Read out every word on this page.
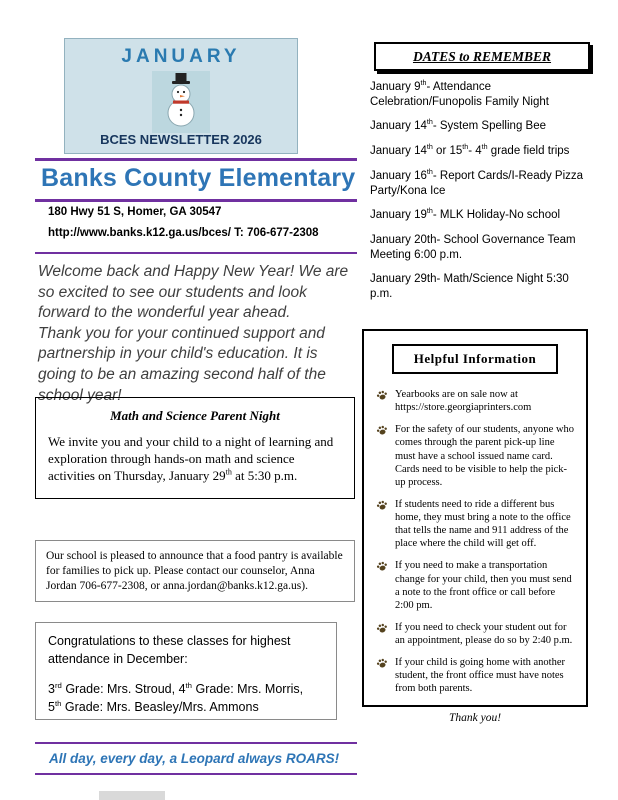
JANUARY
BCES NEWSLETTER 2026
Banks County Elementary
180 Hwy 51 S, Homer, GA 30547
http://www.banks.k12.ga.us/bces/ T: 706-677-2308

Welcome back and Happy New Year! We are so excited to see our students and look forward to the wonderful year ahead.

Thank you for your continued support and partnership in your child's education. It is going to be an amazing second half of the school year!

Math and Science Parent Night
We invite you and your child to a night of learning and exploration through hands-on math and science activities on Thursday, January 29th at 5:30 p.m.
Our school is pleased to announce that a food pantry is available for families to pick up. Please contact our counselor, Anna Jordan 706-677-2308, or anna.jordan@banks.k12.ga.us).
Congratulations to these classes for highest attendance in December:
3rd Grade: Mrs. Stroud, 4th Grade: Mrs. Morris,
5th Grade: Mrs. Beasley/Mrs. Ammons
All day, every day, a Leopard always ROARS!
DATES to REMEMBER
January 9th- Attendance Celebration/Funopolis Family Night
January 14th- System Spelling Bee
January 14th or 15th- 4th grade field trips
January 16th- Report Cards/I-Ready Pizza Party/Kona Ice
January 19th- MLK Holiday-No school
January 20th- School Governance Team Meeting 6:00 p.m.
January 29th- Math/Science Night 5:30 p.m.
Helpful Information
Yearbooks are on sale now at https://store.georgiaprinters.com
For the safety of our students, anyone who comes through the parent pick-up line must have a school issued name card. Cards need to be visible to help the pick-up process.
If students need to ride a different bus home, they must bring a note to the office that tells the name and 911 address of the place where the child will get off.
If you need to make a transportation change for your child, then you must send a note to the front office or call before 2:00 pm.
If you need to check your student out for an appointment, please do so by 2:40 p.m.
If your child is going home with another student, the front office must have notes from both parents.
Thank you!
